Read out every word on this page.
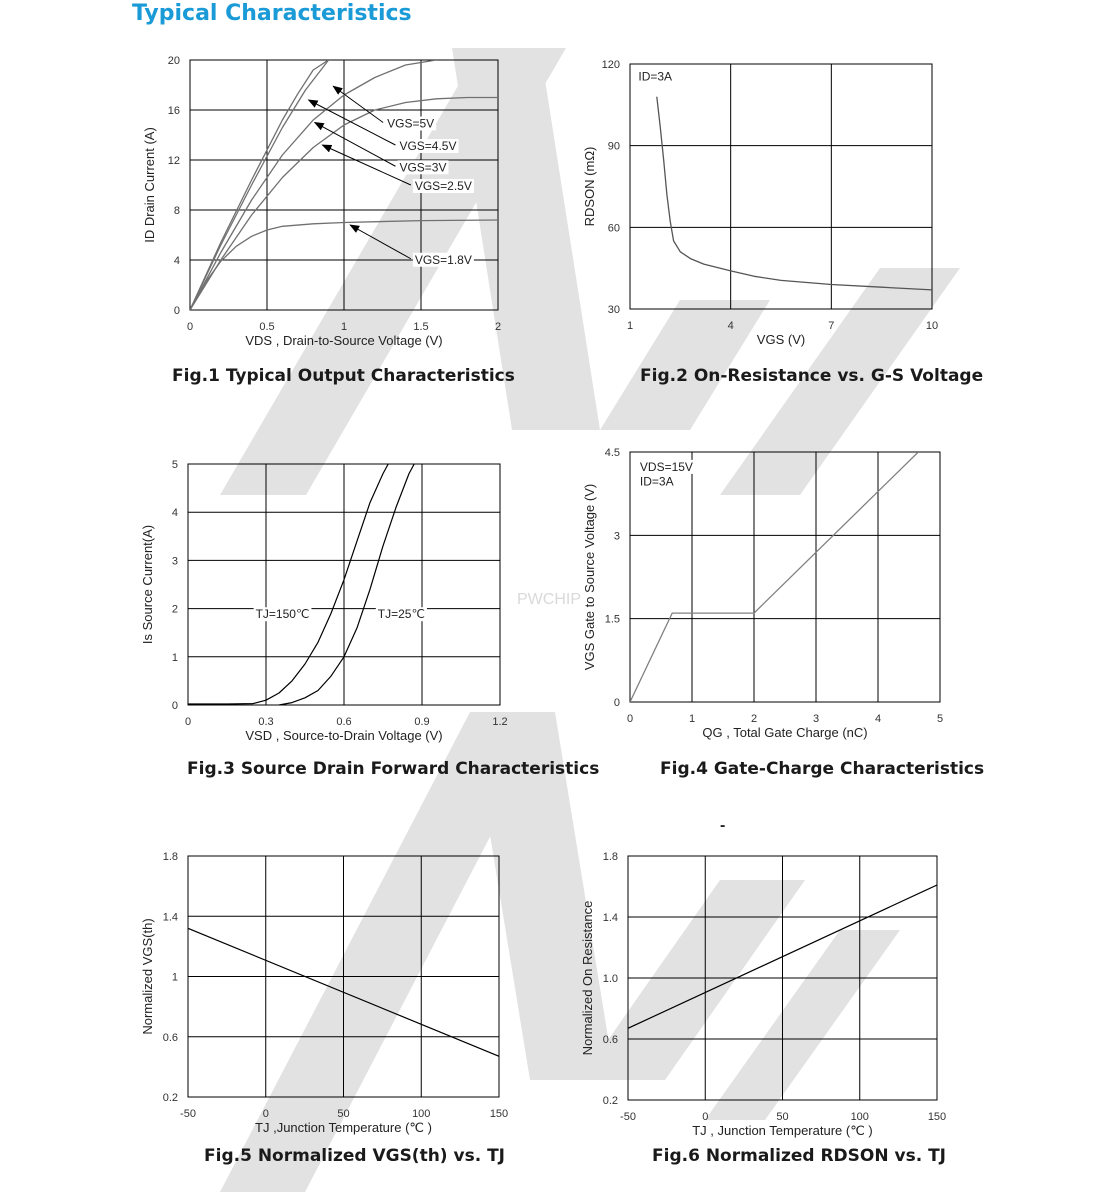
PWCHIP
Typical Characteristics
0	0.5	1	1.5	2
0
4
8
12
16
20
VDS , Drain-to-Source Voltage (V)
ID Drain Current (A)
VGS=5V
VGS=4.5V
VGS=3V
VGS=2.5V
VGS=1.8V
1	4	7	10
30
60
90
120
VGS (V)
RDSON (mΩ)
ID=3A
0	0.3	0.6	0.9	1.2
0
1
2
3
4
5
VSD , Source-to-Drain Voltage (V)
Is Source Current(A)	TJ=150℃	TJ=25℃
0	1	2	3	4	5
0
1.5
3
4.5
QG , Total Gate Charge (nC)
VGS Gate to Source Voltage (V)
VDS=15V
ID=3A
-50	0	50	100	150
0.2
0.6
1
1.4
1.8
TJ ,Junction Temperature (℃ )
Normalized VGS(th)
-50	0	50	100	150
0.2
0.6
1.0
1.4
1.8
TJ , Junction Temperature (℃ )
Normalized On Resistance
Fig.1 Typical Output Characteristics	Fig.2 On-Resistance vs. G-S Voltage
Fig.3 Source Drain Forward Characteristics	Fig.4 Gate-Charge Characteristics
Fig.5 Normalized VGS(th) vs. TJ	Fig.6 Normalized RDSON vs. TJ
-
